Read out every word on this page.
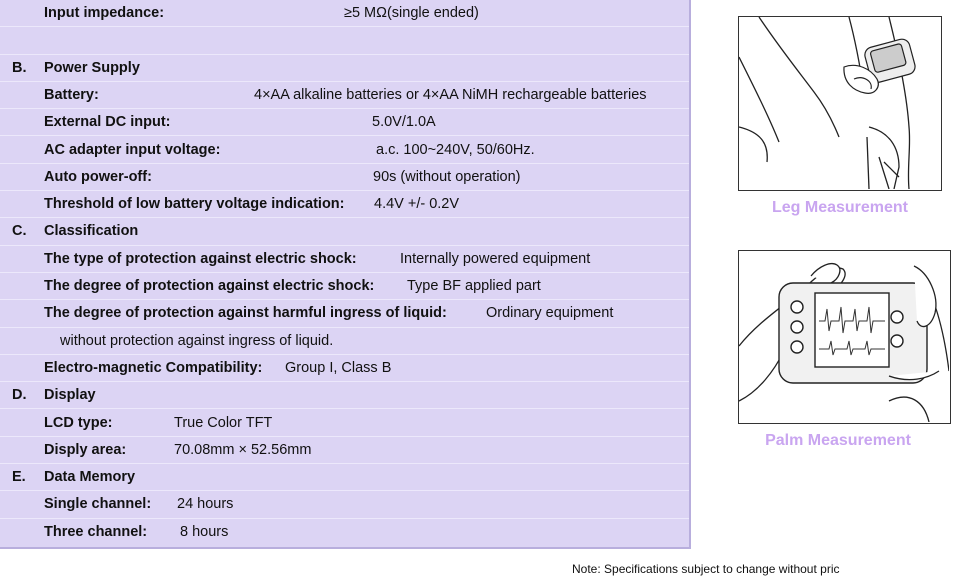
Input impedance:	≥5 MΩ(single ended)
B. Power Supply
Battery:	4×AA alkaline batteries or 4×AA NiMH rechargeable batteries
External DC input:	5.0V/1.0A
AC adapter input voltage:	a.c. 100~240V, 50/60Hz.
Auto power-off:	90s (without operation)
Threshold of low battery voltage indication: 4.4V +/- 0.2V
C. Classification
The type of protection against electric shock:	Internally powered equipment
The degree of protection against electric shock: Type BF applied part
The degree of protection against harmful ingress of liquid:	Ordinary equipment
without protection against ingress of liquid.
Electro-magnetic Compatibility: Group I, Class B
D. Display
LCD type:	True Color TFT
Disply area:	70.08mm × 52.56mm
E. Data Memory
Single channel: 24 hours
Three channel: 8 hours
Leg Measurement
Palm Measurement
Note: Specifications subject to change without pric
